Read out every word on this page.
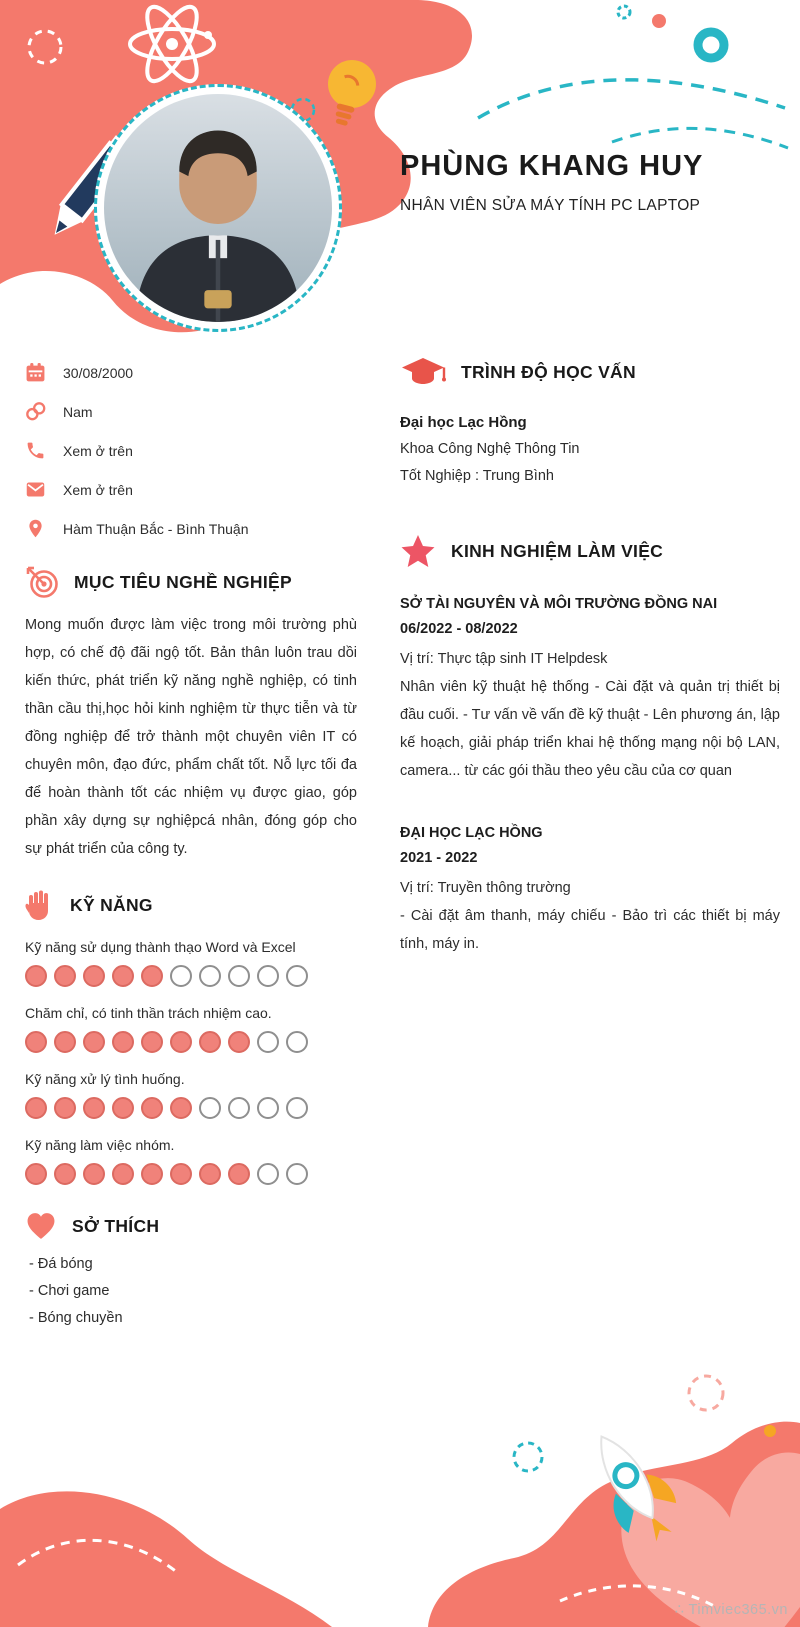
PHÙNG KHANG HUY
NHÂN VIÊN SỬA MÁY TÍNH PC LAPTOP
30/08/2000
Nam
Xem ở trên
Xem ở trên
Hàm Thuận Bắc - Bình Thuận
MỤC TIÊU NGHỀ NGHIỆP
Mong muốn được làm việc trong môi trường phù hợp, có chế độ đãi ngộ tốt. Bản thân luôn trau dồi kiến thức, phát triển kỹ năng nghề nghiệp, có tinh thần cầu thị,học hỏi kinh nghiệm từ thực tiễn và từ đồng nghiệp để trở thành một chuyên viên IT có chuyên môn, đạo đức, phẩm chất tốt. Nỗ lực tối đa để hoàn thành tốt các nhiệm vụ được giao, góp phần xây dựng sự nghiệpcá nhân, đóng góp cho sự phát triển của công ty.
KỸ NĂNG
Kỹ năng sử dụng thành thạo Word và Excel
Chăm chỉ, có tinh thần trách nhiệm cao.
Kỹ năng xử lý tình huống.
Kỹ năng làm việc nhóm.
SỞ THÍCH
- Đá bóng
- Chơi game
- Bóng chuyền
TRÌNH ĐỘ HỌC VẤN
Đại học Lạc Hồng
Khoa Công Nghệ Thông Tin
Tốt Nghiệp : Trung Bình
KINH NGHIỆM LÀM VIỆC
SỞ TÀI NGUYÊN VÀ MÔI TRƯỜNG ĐỒNG NAI
06/2022 - 08/2022
Vị trí: Thực tập sinh IT Helpdesk
Nhân viên kỹ thuật hệ thống - Cài đặt và quản trị thiết bị đầu cuối. - Tư vấn về vấn đề kỹ thuật - Lên phương án, lập kế hoạch, giải pháp triển khai hệ thống mạng nội bộ LAN, camera... từ các gói thầu theo yêu cầu của cơ quan
ĐẠI HỌC LẠC HỒNG
2021 - 2022
Vị trí: Truyền thông trường
- Cài đặt âm thanh, máy chiếu - Bảo trì các thiết bị máy tính, máy in.
∴ Timviec365.vn
